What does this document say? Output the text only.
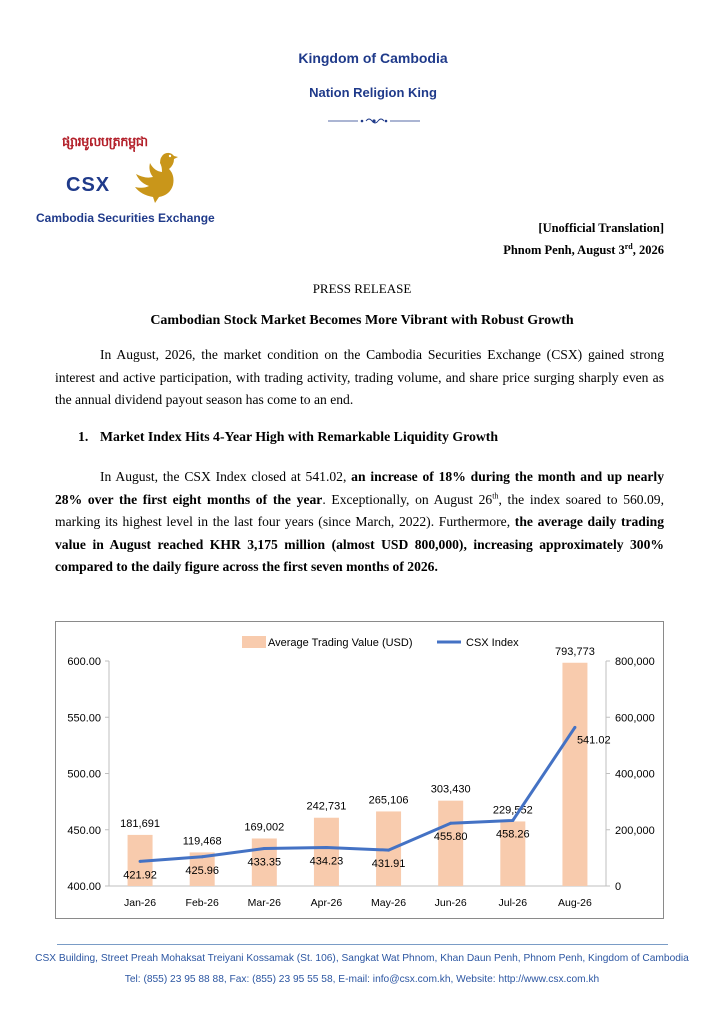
Kingdom of Cambodia
Nation Religion King
ផ្សារមូលបត្រកម្ពុជា
CSX
Cambodia Securities Exchange
[Unofficial Translation]
Phnom Penh, August 3rd, 2026
PRESS RELEASE
Cambodian Stock Market Becomes More Vibrant with Robust Growth

In August, 2026, the market condition on the Cambodia Securities Exchange (CSX) gained strong interest and active participation, with trading activity, trading volume, and share price surging sharply even as the annual dividend payout season has come to an end.

1. Market Index Hits 4-Year High with Remarkable Liquidity Growth

In August, the CSX Index closed at 541.02, an increase of 18% during the month and up nearly 28% over the first eight months of the year. Exceptionally, on August 26th, the index soared to 560.09, marking its highest level in the last four years (since March, 2022). Furthermore, the average daily trading value in August reached KHR 3,175 million (almost USD 800,000), increasing approximately 300% compared to the daily figure across the first seven months of 2026.

400.00
450.00
500.00
550.00
600.00
0
200,000
400,000
600,000
800,000
181,691
119,468
169,002
242,731
265,106
303,430
229,552
793,773
421.92	425.96
433.35	434.23	431.91
455.80	458.26
541.02
Jan-26	Feb-26	Mar-26	Apr-26	May-26	Jun-26	Jul-26	Aug-26
Average Trading Value (USD)	CSX Index
CSX Building, Street Preah Mohaksat Treiyani Kossamak (St. 106), Sangkat Wat Phnom, Khan Daun Penh, Phnom Penh, Kingdom of Cambodia
Tel: (855) 23 95 88 88, Fax: (855) 23 95 55 58, E-mail: info@csx.com.kh, Website: http://www.csx.com.kh
